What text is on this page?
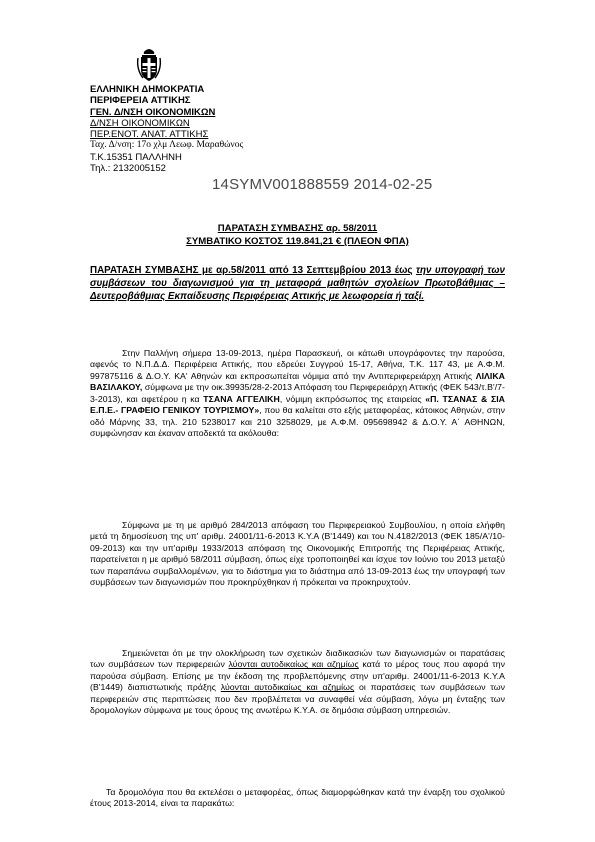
ΕΛΛΗΝΙΚΗ ΔΗΜΟΚΡΑΤΙΑ
ΠΕΡΙΦΕΡΕΙΑ ΑΤΤΙΚΗΣ
ΓΕΝ. Δ/ΝΣΗ ΟΙΚΟΝΟΜΙΚΩΝ
Δ/ΝΣΗ ΟΙΚΟΝΟΜΙΚΩΝ
ΠΕΡ.ΕΝΟΤ. ΑΝΑΤ. ΑΤΤΙΚΗΣ
Ταχ. Δ/νση: 17ο χλμ Λεωφ. Μαραθώνος
Τ.Κ.15351 ΠΑΛΛΗΝΗ
Τηλ.: 2132005152
14SYMV001888559 2014-02-25
ΠΑΡΑΤΑΣΗ ΣΥΜΒΑΣΗΣ αρ. 58/2011
ΣΥΜΒΑΤΙΚΟ ΚΟΣΤΟΣ 119.841,21 € (ΠΛΕΟΝ ΦΠΑ)
ΠΑΡΑΤΑΣΗ ΣΥΜΒΑΣΗΣ με αρ.58/2011 από 13 Σεπτεμβρίου 2013 έως την υπογραφή των συμβάσεων του διαγωνισμού για τη μεταφορά μαθητών σχολείων Πρωτοβάθμιας – Δευτεροβάθμιας Εκπαίδευσης Περιφέρειας Αττικής με λεωφορεία ή ταξί.

Στην Παλλήνη σήμερα 13-09-2013, ημέρα Παρασκευή, οι κάτωθι υπογράφοντες την παρούσα, αφενός το Ν.Π.Δ.Δ. Περιφέρεια Αττικής, που εδρεύει Συγγρού 15-17, Αθήνα, Τ.Κ. 117 43, με Α.Φ.Μ. 997875116 & Δ.Ο.Υ. ΚΑ' Αθηνών και εκπροσωπείται νόμιμα από την Αντιπεριφερειάρχη Αττικής ΛΙΛΙΚΑ ΒΑΣΙΛΑΚΟΥ, σύμφωνα με την οικ.39935/28-2-2013 Απόφαση του Περιφερειάρχη Αττικής (ΦΕΚ 543/τ.Β'/7-3-2013), και αφετέρου η κα ΤΣΑΝΑ ΑΓΓΕΛΙΚΗ, νόμιμη εκπρόσωπος της εταιρείας «Π. ΤΣΑΝΑΣ & ΣΙΑ Ε.Π.Ε.- ΓΡΑΦΕΙΟ ΓΕΝΙΚΟΥ ΤΟΥΡΙΣΜΟΥ», που θα καλείται στο εξής μεταφορέας, κάτοικος Αθηνών, στην οδό Μάρνης 33, τηλ. 210 5238017 και 210 3258029, με Α.Φ.Μ. 095698942 & Δ.Ο.Υ. Α΄ ΑΘΗΝΩΝ, συμφώνησαν και έκαναν αποδεκτά τα ακόλουθα:

Σύμφωνα με τη με αριθμό 284/2013 απόφαση του Περιφερειακού Συμβουλίου, η οποία ελήφθη μετά τη δημοσίευση της υπ' αριθμ. 24001/11-6-2013 Κ.Υ.Α (Β'1449) και του Ν.4182/2013 (ΦΕΚ 185/Α'/10-09-2013) και την υπ'αριθμ 1933/2013 απόφαση της Οικονομικής Επιτροπής της Περιφέρειας Αττικής, παρατείνεται η με αριθμό 58/2011 σύμβαση, όπως είχε τροποποιηθεί και ίσχυε τον Ιούνιο του 2013 μεταξύ των παραπάνω συμβαλλομένων, για το διάστημα για το διάστημα από 13-09-2013 έως την υπογραφή των συμβάσεων των διαγωνισμών που προκηρύχθηκαν ή πρόκειται να προκηρυχτούν.

Σημειώνεται ότι με την ολοκλήρωση των σχετικών διαδικασιών των διαγωνισμών οι παρατάσεις των συμβάσεων των περιφερειών λύονται αυτοδικαίως και αζημίως κατά το μέρος τους που αφορά την παρούσα σύμβαση. Επίσης με την έκδοση της προβλεπόμενης στην υπ'αριθμ. 24001/11-6-2013 Κ.Υ.Α (Β'1449) διαπιστωτικής πράξης λύονται αυτοδικαίως και αζημίως οι παρατάσεις των συμβάσεων των περιφερειών στις περιπτώσεις που δεν προβλέπεται να συναφθεί νέα σύμβαση, λόγω μη ένταξης των δρομολογίων σύμφωνα με τους όρους της ανωτέρω Κ.Υ.Α. σε δημόσια σύμβαση υπηρεσιών.

Τα δρομολόγια που θα εκτελέσει ο μεταφορέας, όπως διαμορφώθηκαν κατά την έναρξη του σχολικού έτους 2013-2014, είναι τα παρακάτω:
